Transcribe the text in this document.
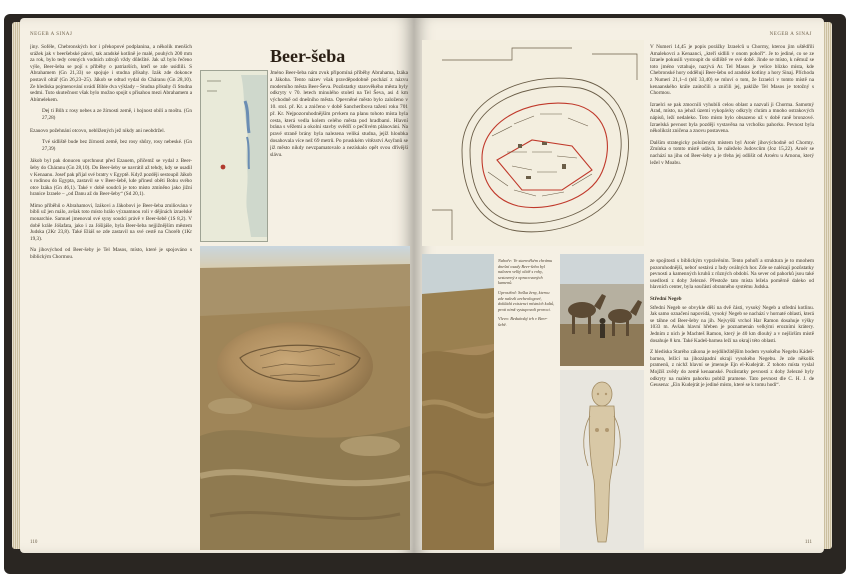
NEGEB A SINAJ

jiny. Soféle, Chebronských hor i překopové podplanina, a několik menších srážek jak v beeršebské pánvi, tak aradské kotlině je malé, pouhých 200 mm za rok, bylo tedy cenných vodních zdrojů vždy důležité. Jak už bylo řečeno výše, Beer-šeba se pojí s příběhy o patriarších, kteří se zde usídlili. S Abrahamem (Gn 21,33) se spojuje i studna přísahy. Izák zde dokonce postavil oltář (Gn 26,23–25). Jákob se odtud vydal do Cháranu (Gn 28,10). Ze hlediska pojmenování uvádí Bible dva výklady – Studna přísahy či Studna sedmi. Tuto skutečnost však bylo možno spojit s přísahou mezi Abrahamem a Abímelekem.

Dej ti Bůh z rosy nebes a ze žírnosti země, i hojnost obilí a moštu. (Gn 27,28)

Ezauovo požehnání otcovo, neblížených jež nikdy ani neobdržel.

Tvé sídliště bude bez žírnosti země, bez rosy shůry, rosy nebeské. (Gn 27,39)

Jákob byl pak donucen uprchnout před Ezauem, přičemž se vydal z Beer-šeby do Cháranu (Gn 28,10). Do Beer-šeby se navrátil až tehdy, kdy se usadil v Kenaanu. Josef pak přijal své bratry v Egyptě. Když později sestoupil Jákob s rodinou do Egypta, zastavil se v Beer-šebě, kde přinesl oběti Bohu svého otce Izáka (Gn 46,1). Také v době soudců je toto místo zmíněno jako jižní hranice Izraele – „od Danu až do Beer-šeby“ (Sd 20,1).

Mimo příběhů o Abrahamovi, Izákovi a Jákobovi je Beer-šeba zmiňována v bibli už jen málo, avšak toto místo hrálo významnou roli v dějinách izraelské monarchie. Samuel jmenoval své syny soudci právě v Beer-šebě (1S 8,2). V době krále Jóšafata, jako i za Jóšijáše, byla Beer-šeba nejjižnějším městem Judska (2Kr 23,8). Také Eliáš se zde zastavil na své cestě na Choréb (1Kr 19,3).

Na jihovýchod od Beer-šeby je Tel Masos, místo, které je spojováno s biblickým Chormou.

Beer-šeba
Jméno Beer-šeba nám zvuk připomíná příběhy Abrahama, Izáka a Jákoba. Tento název však pravděpodobně pochází z názvu moderního města Beer-Ševa. Pozůstatky starověkého města byly odkryty v 70. letech minulého století na Tel Ševa, asi 4 km východně od dnešního města. Opevněné město bylo založeno v 10. stol. př. Kr. a zničeno v době Sancheríbova tažení roku 701 př. Kr. Nejpozoruhodnějším prvkem na planu tohoto místa byla cesta, která vedla kolem celého města pod hradbami. Hlavní brána s věžemi a okolní stavby svědčí o pečlivém plánování. Na pravé straně brány byla nalezena veliká studna, jejíž hloubka dosahovala více než 69 metrů. Po pruskkém vítězství Asyřanů se již město nikdy nevzpamatovalo a nezískalo opět svou dřívější slávu.
110
NEGEB A SINAJ

V Numeri 14,45 je popis porážky Izraelců u Chormy, kterou jim uštědřili Amalekovci a Kenaanci, „kteří sídlili v onom pohoří“. Je to jediné, co se ze Izraele pokusili vystoupit do sídliště ve své době. Jinde se místo, k němuž se toto jméno vztahuje, nazývá Ar. Tel Masos je velice blízko místa, kde Chebronské hory oddělují Beer-šebu od aradské kotliny a hory Sinaj. Příchoda z Numeri 21,1–4 (též 33,40) se mluví o tom, že Izraelci v tomto místě na kenaanského krále zaútočili a zničili jej, pakliže Tel Masos je totožný s Chormou.

Izraelci se pak zmocnili vyhubili celou oblast a nazvali ji Chorma. Samotný Arad, místo, na jehož území vykopávky odkryly chrám a mnoho ostrakových nápisů, leží nedaleko. Toto místo bylo obsazeno už v době raně bronzové. Izraelská pevnost byla později vystavěna na vrcholku pahorku. Pevnost byla několikrát zničena a znovu postavena.

Dalším strategicky položeným místem byl Aroér jihovýchodně od Chormy. Zmínka o tomto místě udává, že náleželo Judovcům (Joz 15,22). Aroér se nachází na jihu od Beer-šeby a je třeba jej odlišit od Aroéru u Arnonu, který ležel v Moabu.

Nahoře: Ve starověkém chrámu dnešní osady Beer-šeba byl nalezen velký oltář s rohy, sestavený z opracovaných kamenů.

Uprostřed: Soška ženy, kterou zde nalezli archeologové, dokládá existenci místních kultů, proti nimž vystupovali proroci.

Vlevo: Beduínský trh v Beer-šebě.

ze spojitosti s biblickým vyprávěním. Tento pohoří a struktura je to mnohem pozoruhodnější, neboť sestává z řady oválných hor. Zde se nalézají pozůstatky pevnosti a kamenných kruhů z různých období. Na sever od pahorků jsou také usedlosti z doby železné. Přestože tato místa ležela poměrně daleko od hlavních center, byla součástí obranného systému Judska.

Střední Negeb

Střední Negeb se obvykle dělí na dvě části, vysoký Negeb a střední kotlinu. Jak samo označení napovídá, vysoký Negeb se nachází v hornaté oblasti, která se táhne od Beer-šeby na jih. Nejvyšší vrchol Har Ramon dosahuje výšky 1033 m. Avšak hlavní hřeben je poznamenán velkými erozními krátery. Jedním z nich je Machteš Ramon, který je 40 km dlouhý a v nejširším místě dosahuje 8 km. Také Kadeš-barnea leží na okraji této oblasti.

Z hlediska Starého zákona je nejdůležitějším bodem vysokého Negebu Kádeš-barnea, ležící na jihozápadní okraji vysokého Negebu. Je zde několik pramenů, z nichž hlavní se jmenuje Ejn el-Kudejrát. Z tohoto místa vyslal Mojžíš zvědy do země kenaanské. Pozůstatky pevnosti z doby železné byly odkryty na malém pahorku poblíž pramene. Tato pevnost dle C. H. J. de Geusena: „Ein Kudejrát je jediné místo, které se k tomu hodí“.

111
